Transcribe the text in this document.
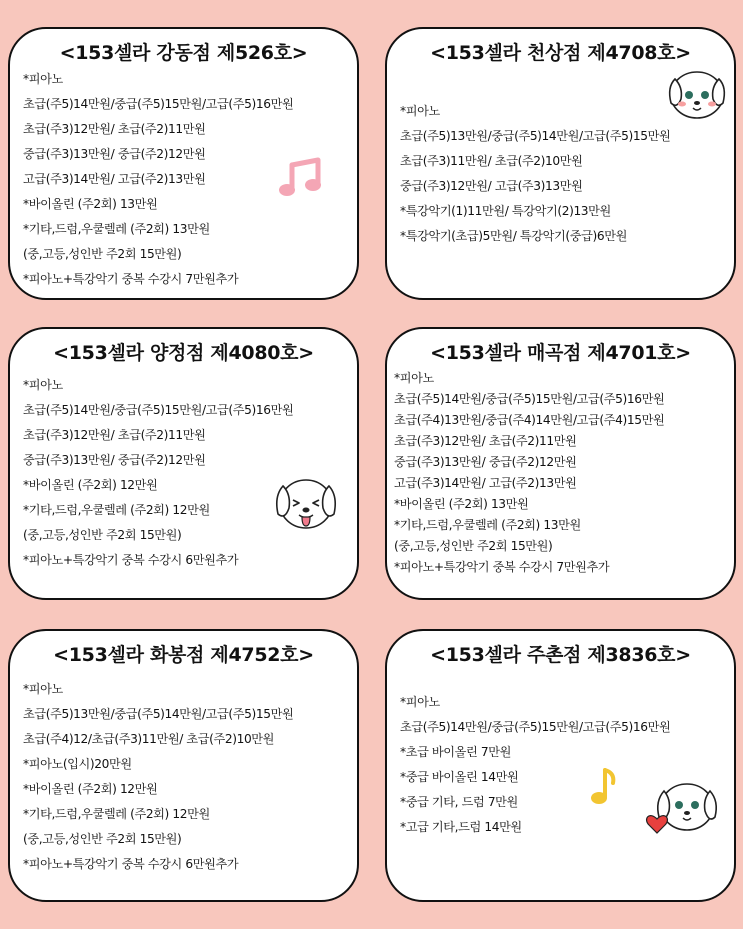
<153셀라 강동점 제526호>
*피아노
초급(주5)14만원/중급(주5)15만원/고급(주5)16만원
초급(주3)12만원/ 초급(주2)11만원
중급(주3)13만원/ 중급(주2)12만원
고급(주3)14만원/ 고급(주2)13만원
*바이올린 (주2회) 13만원
*기타,드럼,우쿨렐레 (주2회) 13만원
(중,고등,성인반 주2회 15만원)
*피아노+특강악기 중복 수강시 7만원추가
<153셀라 천상점 제4708호>
*피아노
초급(주5)13만원/중급(주5)14만원/고급(주5)15만원
초급(주3)11만원/ 초급(주2)10만원
중급(주3)12만원/ 고급(주3)13만원
*특강악기(1)11만원/ 특강악기(2)13만원
*특강악기(초급)5만원/ 특강악기(중급)6만원
<153셀라 양정점 제4080호>
*피아노
초급(주5)14만원/중급(주5)15만원/고급(주5)16만원
초급(주3)12만원/ 초급(주2)11만원
중급(주3)13만원/ 중급(주2)12만원
*바이올린 (주2회) 12만원
*기타,드럼,우쿨렐레 (주2회) 12만원
(중,고등,성인반 주2회 15만원)
*피아노+특강악기 중복 수강시 6만원추가
<153셀라 매곡점 제4701호>
*피아노
초급(주5)14만원/중급(주5)15만원/고급(주5)16만원
초급(주4)13만원/중급(주4)14만원/고급(주4)15만원
초급(주3)12만원/ 초급(주2)11만원
중급(주3)13만원/ 중급(주2)12만원
고급(주3)14만원/ 고급(주2)13만원
*바이올린 (주2회) 13만원
*기타,드럼,우쿨렐레 (주2회) 13만원
(중,고등,성인반 주2회 15만원)
*피아노+특강악기 중복 수강시 7만원추가
<153셀라 화봉점 제4752호>
*피아노
초급(주5)13만원/중급(주5)14만원/고급(주5)15만원
초급(주4)12/초급(주3)11만원/ 초급(주2)10만원
*피아노(입시)20만원
*바이올린 (주2회) 12만원
*기타,드럼,우쿨렐레 (주2회) 12만원
(중,고등,성인반 주2회 15만원)
*피아노+특강악기 중복 수강시 6만원추가
<153셀라 주촌점 제3836호>
*피아노
초급(주5)14만원/중급(주5)15만원/고급(주5)16만원
*초급 바이올린 7만원
*중급 바이올린 14만원
*중급 기타, 드럼 7만원
*고급 기타,드럼 14만원
